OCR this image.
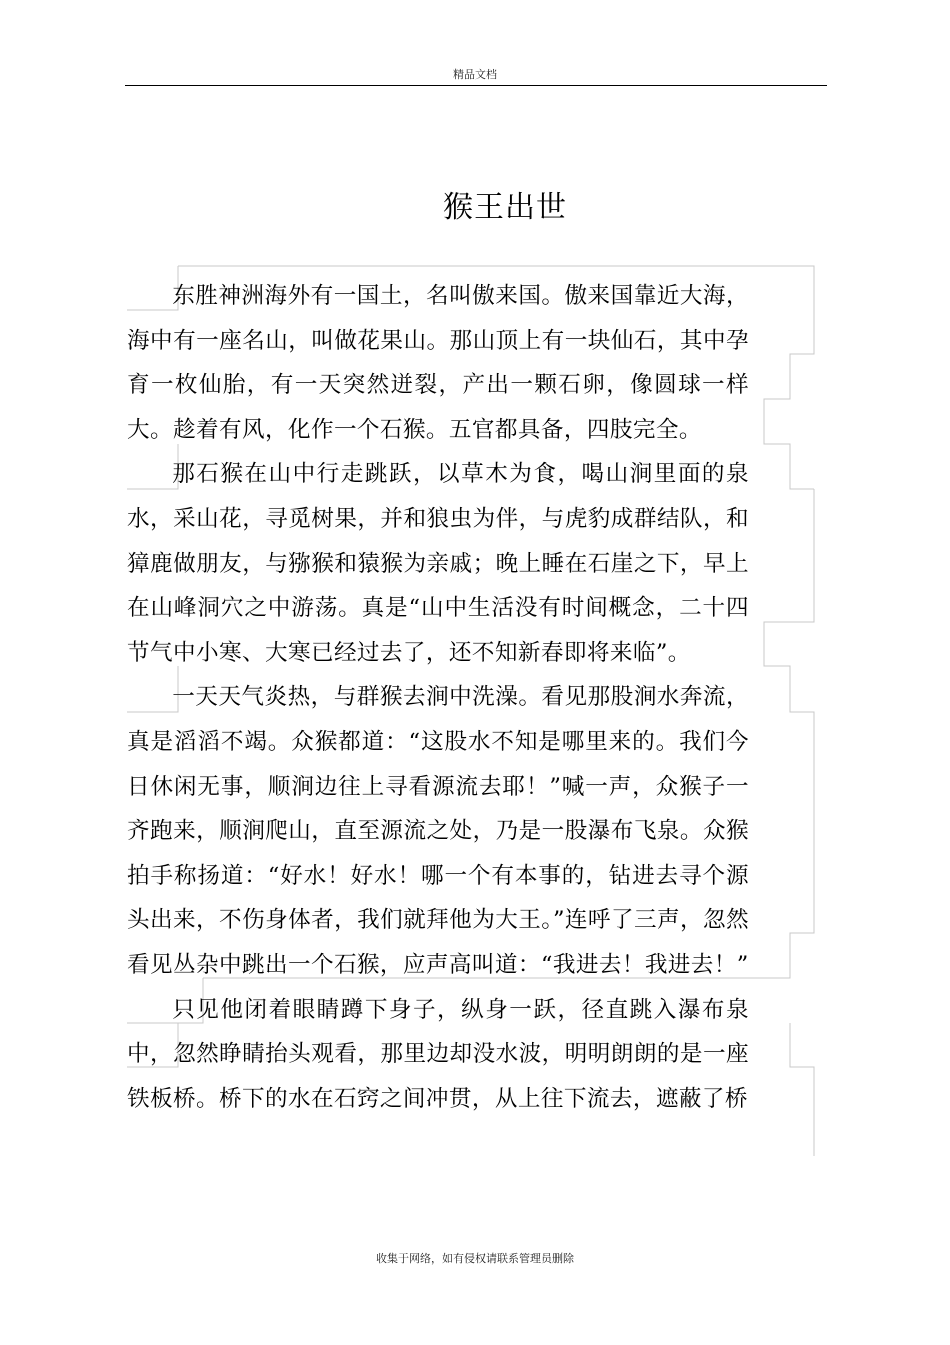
精品文档
猴王出世

东胜神洲海外有一国土，名叫傲来国。傲来国靠近大海，海中有一座名山，叫做花果山。那山顶上有一块仙石，其中孕育一枚仙胎，有一天突然迸裂，产出一颗石卵，像圆球一样大。趁着有风，化作一个石猴。五官都具备，四肢完全。

那石猴在山中行走跳跃，以草木为食，喝山涧里面的泉水，采山花，寻觅树果，并和狼虫为伴，与虎豹成群结队，和獐鹿做朋友，与猕猴和猿猴为亲戚；晚上睡在石崖之下，早上在山峰洞穴之中游荡。真是“山中生活没有时间概念，二十四节气中小寒、大寒已经过去了，还不知新春即将来临”。

一天天气炎热，与群猴去涧中洗澡。看见那股涧水奔流，真是滔滔不竭。众猴都道：“这股水不知是哪里来的。我们今日休闲无事，顺涧边往上寻看源流去耶！”喊一声，众猴子一齐跑来，顺涧爬山，直至源流之处，乃是一股瀑布飞泉。众猴拍手称扬道：“好水！好水！哪一个有本事的，钻进去寻个源头出来，不伤身体者，我们就拜他为大王。”连呼了三声，忽然看见丛杂中跳出一个石猴，应声高叫道：“我进去！我进去！”

只见他闭着眼睛蹲下身子，纵身一跃，径直跳入瀑布泉中，忽然睁睛抬头观看，那里边却没水波，明明朗朗的是一座铁板桥。桥下的水在石窍之间冲贯，从上往下流去，遮蔽了桥

收集于网络，如有侵权请联系管理员删除
